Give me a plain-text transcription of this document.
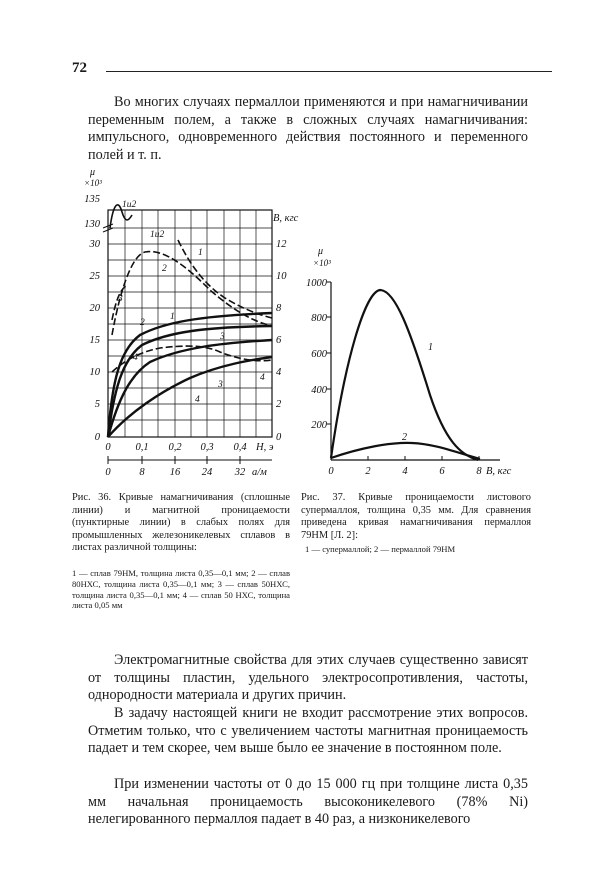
72

Во многих случаях пермаллои применяются и при намагничивании переменным полем, а также в сложных случаях намагничивания: импульсного, одновременного действия постоянного и переменного полей и т. п.

135
130
30
25
20
15
10
5
0
μ
×10³
12
10
8
6
4
2
0
B, кгс
0 0,1 0,2 0,3 0,4 H, э
0	8 16 24 32 a/м
1и2
1и2
1
2
3
1
2
3
4
4
3
4

Рис. 36. Кривые намагничивания (сплошные линии) и магнитной проницаемости (пунктирные линии) в слабых полях для промышленных железоникелевых сплавов в листах различной толщины:

1 — сплав 79НМ, толщина листа 0,35—0,1 мм; 2 — сплав 80НХС, толщина листа 0,35—0,1 мм; 3 — сплав 50НХС, толщина листа 0,35—0,1 мм; 4 — сплав 50 НХС, толщина листа 0,05 мм

1000
800
600
400
200
0
μ
×10³
2	4	6	8 B, кгс
1
2

Рис. 37. Кривые проницаемости листового супермаллоя, толщина 0,35 мм. Для сравнения приведена кривая намагничивания пермаллоя 79НМ [Л. 2]:

1 — супермаллой; 2 — пермаллой 79НМ

Электромагнитные свойства для этих случаев существенно зависят от толщины пластин, удельного электросопротивления, частоты, однородности материала и других причин.

В задачу настоящей книги не входит рассмотрение этих вопросов. Отметим только, что с увеличением частоты магнитная проницаемость падает и тем скорее, чем выше было ее значение в постоянном поле.

При изменении частоты от 0 до 15 000 гц при толщине листа 0,35 мм начальная проницаемость высоконикелевого (78% Ni) нелегированного пермаллоя падает в 40 раз, а низконикелевого
